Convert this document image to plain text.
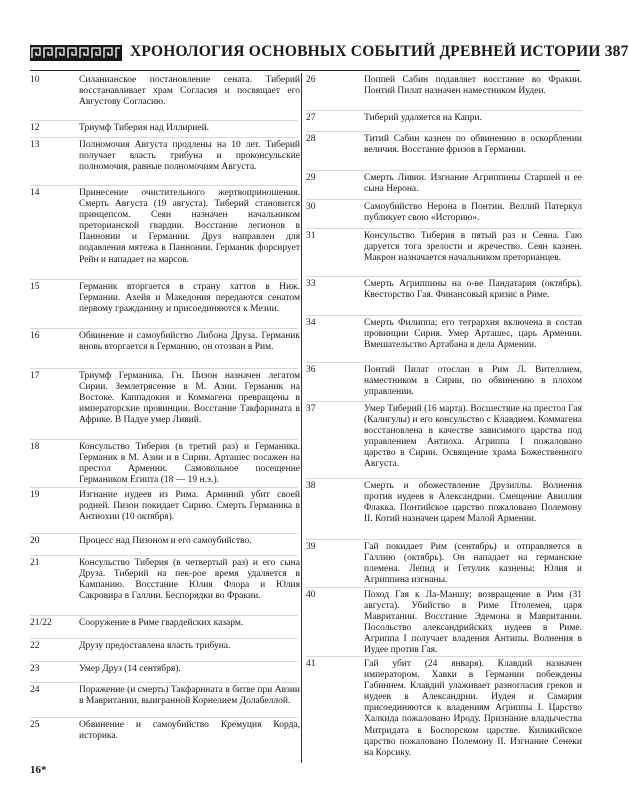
ХРОНОЛОГИЯ ОСНОВНЫХ СОБЫТИЙ ДРЕВНЕЙ ИСТОРИИ 387
10	Силанианское постановление сената. Тиберий восстанавливает храм Согласия и посвящает его Августову Согласию.
12	Триумф Тиберия над Иллирией.
13	Полномочия Августа продлены на 10 лет. Тиберий получает власть трибуна и проконсульские полномочия, равные полномочиям Августа.
14	Принесение очистительного жертвоприношения. Смерть Августа (19 августа). Тиберий становится принцепсом. Сеян назначен начальником преторианской гвардии. Восстание легионов в Паннонии и Германии. Друз направлен для подавления мятежа в Паннонии. Германик форсирует Рейн и нападает на марсов.
15	Германик вторгается в страну хаттов в Ниж. Германии. Ахейя и Македония передаются сенатом первому гражданину и присоединяются к Мезии.
16	Обвинение и самоубийство Либона Друза. Германик вновь вторгается в Германию, он отозван в Рим.
17	Триумф Германика. Гн. Пизон назначен легатом Сирии. Землетрясение в М. Азии. Германик на Востоке. Каппадокия и Коммагена превращены в императорские провинции. Восстание Такфарината в Африке. В Падуе умер Ливий.
18	Консульство Тиберия (в третий раз) и Германика. Германик в М. Азии и в Сирии. Арташес посажен на престол Армении. Самовольное посещение Германиком Египта (18 — 19 н.э.).
19	Изгнание иудеев из Рима. Арминий убит своей родней. Пизон покидает Сирию. Смерть Германика в Антиохии (10 октября).
20	Процесс над Пизоном и его самоубийство.
21	Консульство Тиберия (в четвертый раз) и его сына Друза. Тиберий на пек-рое время удаляется в Кампанию. Восстание Юлия Флора и Юлия Сакровира в Галлии. Беспорядки во Фракии.
21/22	Сооружение в Риме гвардейских казарм.
22	Друзу предоставлена власть трибуна.
23	Умер Друз (14 сентября).
24	Поражение (и смерть) Такфарината в битве при Авзии в Мавритании, выигранной Корнелием Долабеллой.
25	Обвинение и самоубийство Кремуция Корда, историка.
26	Поппей Сабин подавляет восстание во Фракии. Понтий Пилат назначен наместником Иудеи.
27	Тиберий удаляется на Капри.
28	Титий Сабин казнен по обвинению в оскорблении величия. Восстание фризов в Германии.
29	Смерть Ливии. Изгнание Агриппины Старшей и ее сына Нерона.
30	Самоубийство Нерона в Понтии. Веллий Патеркул публикует свою «Историю».
31	Консульство Тиберия в пятый раз и Сеяна. Гаю даруется тога зрелости и жречество. Сеян казнен. Макрон назначается начальником преторианцев.
33	Смерть Агриппины на о-ве Пандатария (октябрь). Квесторство Гая. Финансовый кризис в Риме.
34	Смерть Филиппа; его тетрархия включена в состав провинции Сирия. Умер Арташес, царь Армении. Вмешательство Артабана в дела Армении.
36	Понтий Пилат отослан в Рим Л. Вителлием, наместником в Сирии, по обвинению в плохом управлении.
37	Умер Тиберий (16 марта). Восшествие на престол Гая (Калигулы) и его консульство с Клавдием. Коммагена восстановлена в качестве зависимого царства под управлением Антиоха. Агриппа I пожаловано царство в Сирии. Освящение храма Божественного Августа.
38	Смерть и обожествление Друзиллы. Волнения против иудеев в Александрии. Смещение Авиллия Флакка. Понтийское царство пожаловано Полемону II. Котий назначен царем Малой Армении.
39	Гай покидает Рим (сентябрь) и отправляется в Галлию (октябрь). Он нападает на германские племена. Лепид и Гетулик казнены; Юлия и Агриппина изгнаны.
40	Поход Гая к Ла-Маншу; возвращение в Рим (31 августа). Убийство в Риме Птолемея, царя Мавритании. Восстание Эдемона в Мавритании. Посольство александрийских иудеев в Риме. Агриппа I получает владения Антипы. Волнения в Иудее против Гая.
41	Гай убит (24 января). Клавдий назначен императором. Хавки в Германии побеждены Габинием. Клавдий улаживает разногласия греков и иудеев в Александрии. Иудея и Самария присоединяются к владениям Агриппы I. Царство Халкида пожаловано Ироду. Признание владычества Митридата в Боспорском царстве. Киликийское царство пожаловано Полемону II. Изгнание Сенеки на Корсику.
16*
